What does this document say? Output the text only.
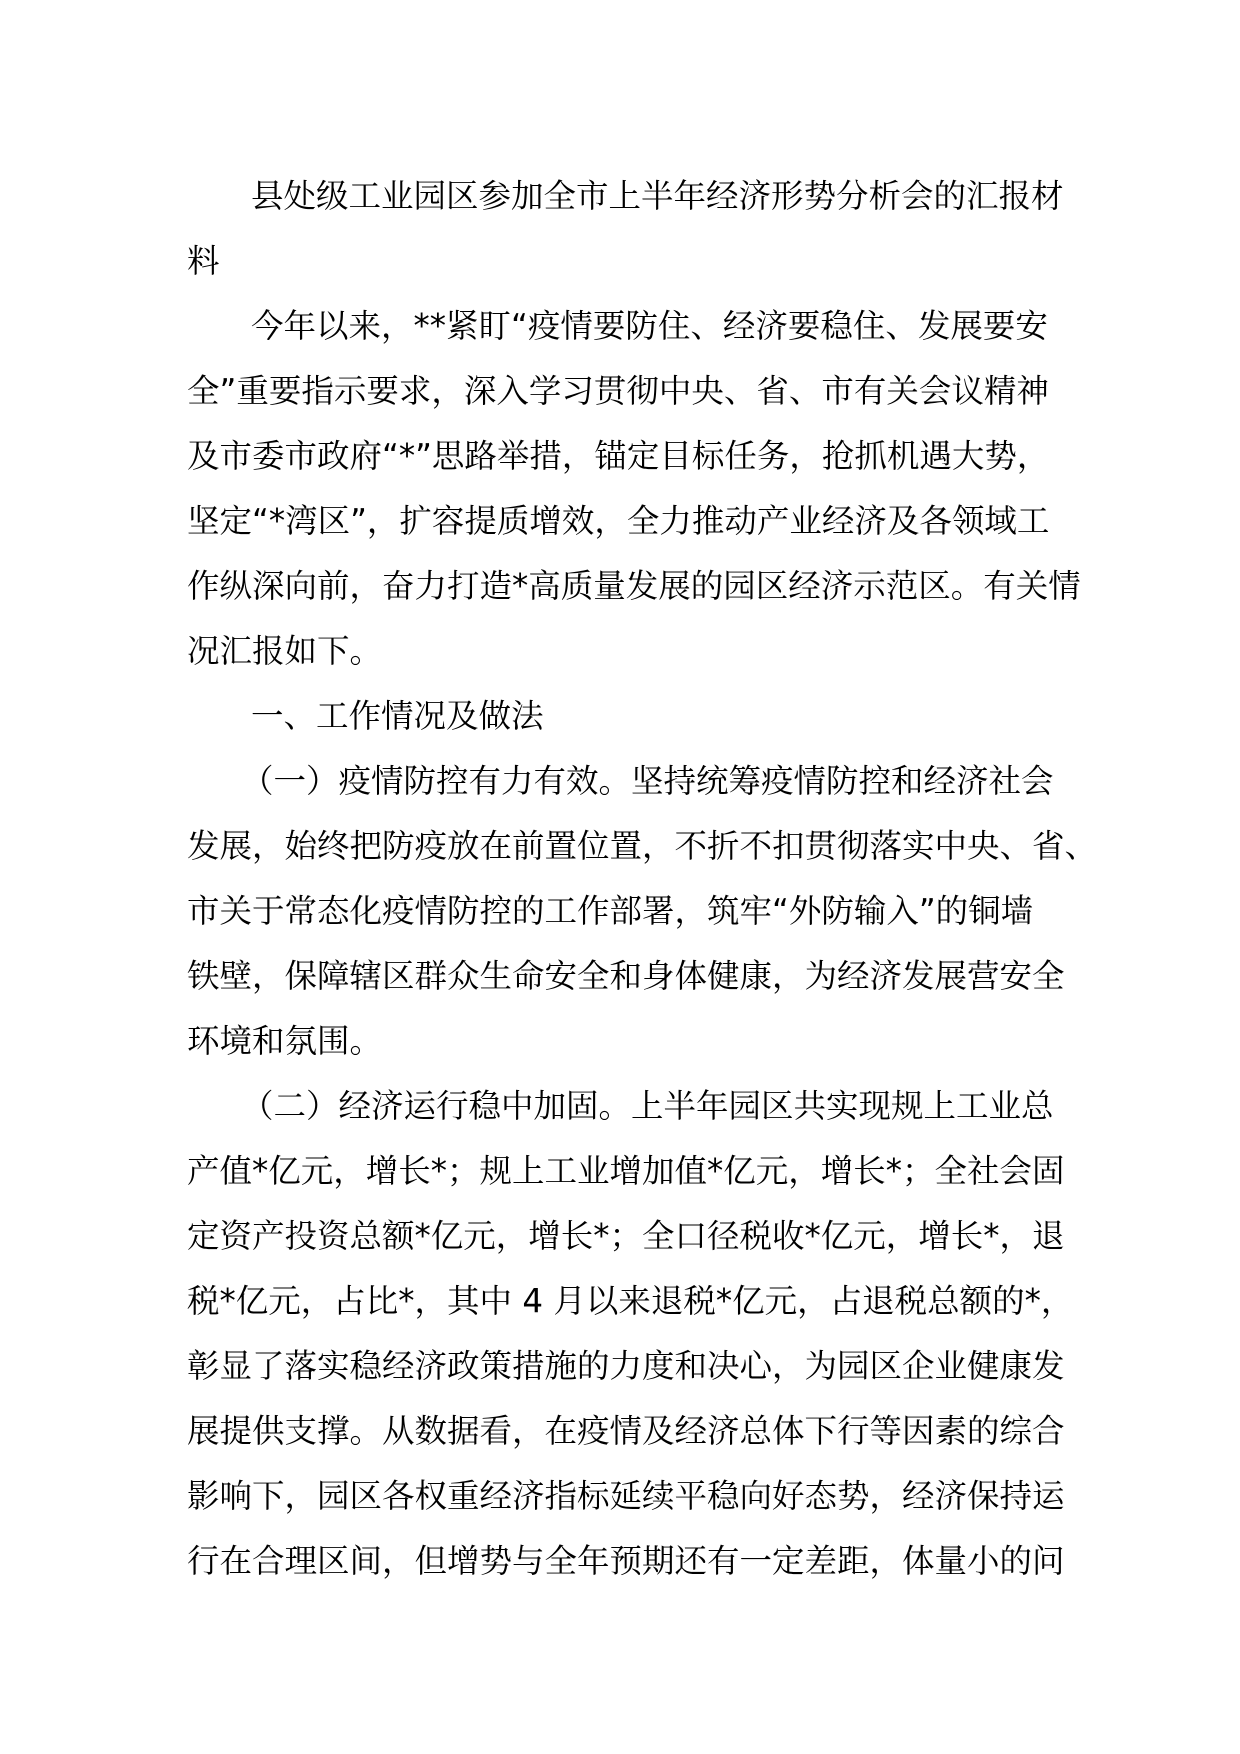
县处级工业园区参加全市上半年经济形势分析会的汇报材
料
今年以来，**紧盯“疫情要防住、经济要稳住、发展要安
全”重要指示要求，深入学习贯彻中央、省、市有关会议精神
及市委市政府“*”思路举措，锚定目标任务，抢抓机遇大势，
坚定“*湾区”，扩容提质增效，全力推动产业经济及各领域工
作纵深向前，奋力打造*高质量发展的园区经济示范区。有关情
况汇报如下。
一、工作情况及做法
（一）疫情防控有力有效。坚持统筹疫情防控和经济社会
发展，始终把防疫放在前置位置，不折不扣贯彻落实中央、省、
市关于常态化疫情防控的工作部署，筑牢“外防输入”的铜墙
铁壁，保障辖区群众生命安全和身体健康，为经济发展营安全
环境和氛围。
（二）经济运行稳中加固。上半年园区共实现规上工业总
产值*亿元，增长*；规上工业增加值*亿元，增长*；全社会固
定资产投资总额*亿元，增长*；全口径税收*亿元，增长*，退
税*亿元，占比*，其中 4 月以来退税*亿元，占退税总额的*，
彰显了落实稳经济政策措施的力度和决心，为园区企业健康发
展提供支撑。从数据看，在疫情及经济总体下行等因素的综合
影响下，园区各权重经济指标延续平稳向好态势，经济保持运
行在合理区间，但增势与全年预期还有一定差距，体量小的问
